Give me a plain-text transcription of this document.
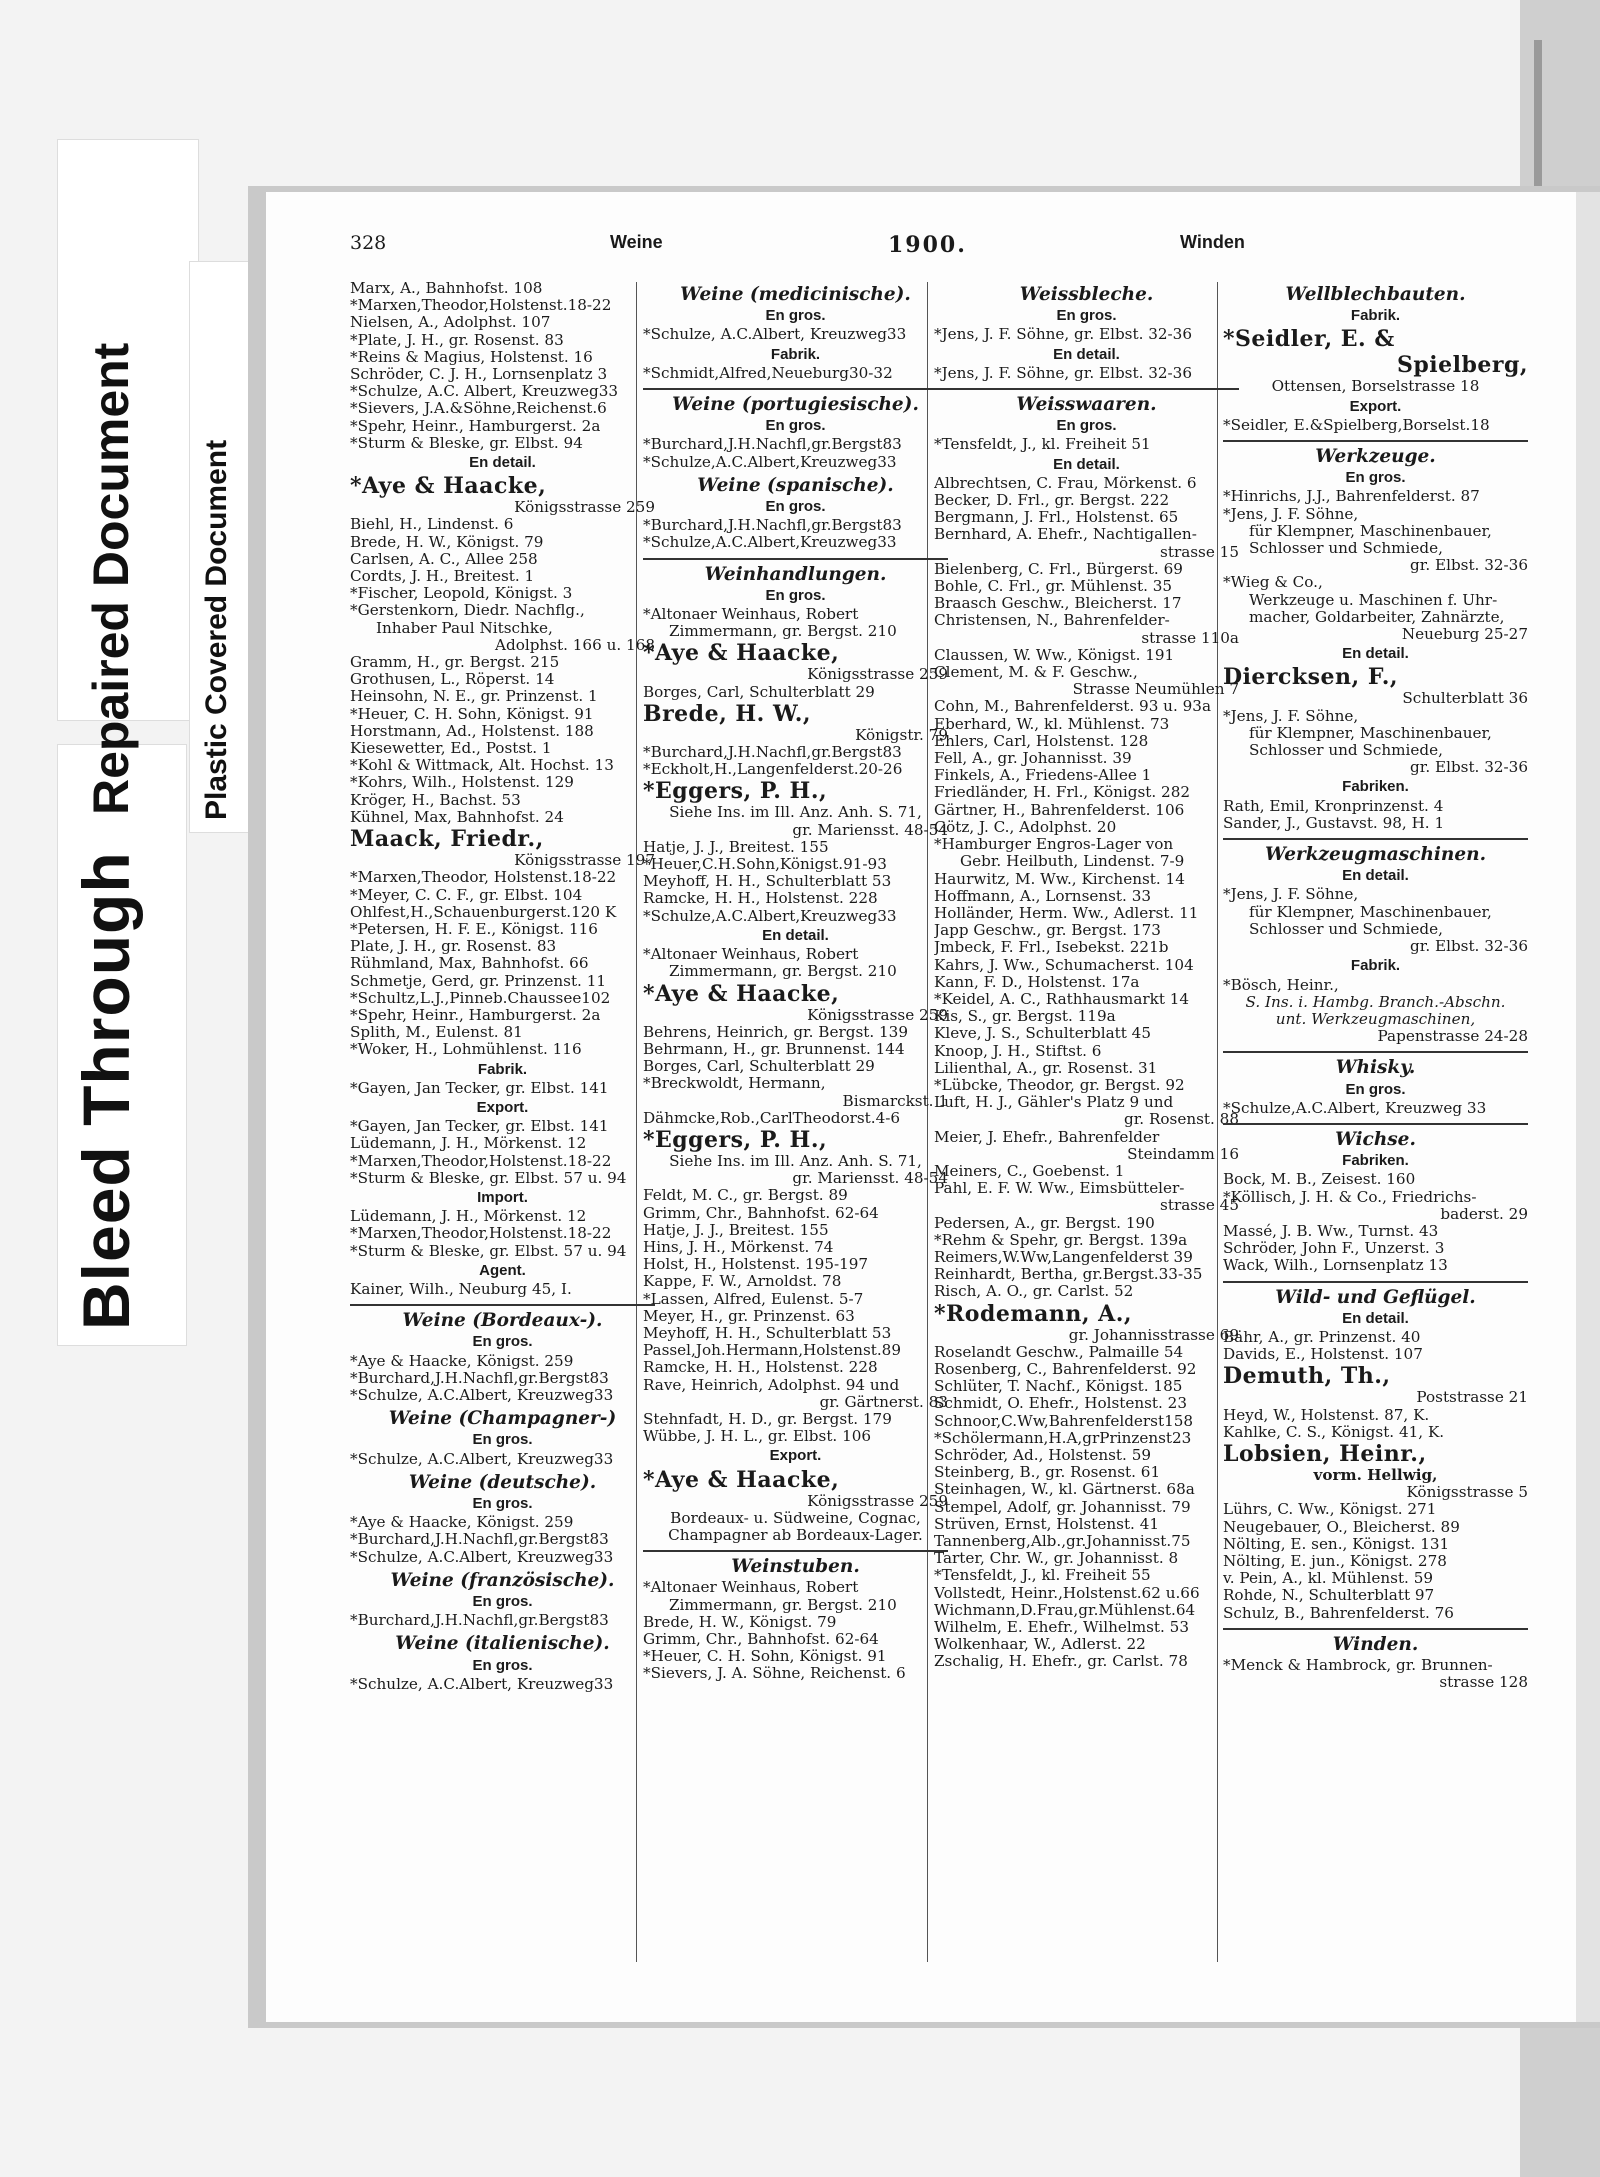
Repaired Document Plastic Covered Document
Bleed Through
328	Weine	1900.	Winden
Marx, A., Bahnhofst. 108
*Marxen,Theodor,Holstenst.18-22
Nielsen, A., Adolphst. 107
*Plate, J. H., gr. Rosenst. 83
*Reins & Magius, Holstenst. 16
Schröder, C. J. H., Lornsenplatz 3
*Schulze, A.C. Albert, Kreuzweg33
*Sievers, J.A.&Söhne,Reichenst.6
*Spehr, Heinr., Hamburgerst. 2a
*Sturm & Bleske, gr. Elbst. 94
En detail.
*Aye & Haacke,
Königsstrasse 259
Biehl, H., Lindenst. 6
Brede, H. W., Königst. 79
Carlsen, A. C., Allee 258
Cordts, J. H., Breitest. 1
*Fischer, Leopold, Königst. 3
*Gerstenkorn, Diedr. Nachflg.,
Inhaber Paul Nitschke,
Adolphst. 166 u. 168
Gramm, H., gr. Bergst. 215
Grothusen, L., Röperst. 14
Heinsohn, N. E., gr. Prinzenst. 1
*Heuer, C. H. Sohn, Königst. 91
Horstmann, Ad., Holstenst. 188
Kiesewetter, Ed., Postst. 1
*Kohl & Wittmack, Alt. Hochst. 13
*Kohrs, Wilh., Holstenst. 129
Kröger, H., Bachst. 53
Kühnel, Max, Bahnhofst. 24
Maack, Friedr.,
Königsstrasse 197
*Marxen,Theodor, Holstenst.18-22
*Meyer, C. C. F., gr. Elbst. 104
Ohlfest,H.,Schauenburgerst.120 K
*Petersen, H. F. E., Königst. 116
Plate, J. H., gr. Rosenst. 83
Rühmland, Max, Bahnhofst. 66
Schmetje, Gerd, gr. Prinzenst. 11
*Schultz,L.J.,Pinneb.Chaussee102
*Spehr, Heinr., Hamburgerst. 2a
Splith, M., Eulenst. 81
*Woker, H., Lohmühlenst. 116
Fabrik.
*Gayen, Jan Tecker, gr. Elbst. 141
Export.
*Gayen, Jan Tecker, gr. Elbst. 141
Lüdemann, J. H., Mörkenst. 12
*Marxen,Theodor,Holstenst.18-22
*Sturm & Bleske, gr. Elbst. 57 u. 94
Import.
Lüdemann, J. H., Mörkenst. 12
*Marxen,Theodor,Holstenst.18-22
*Sturm & Bleske, gr. Elbst. 57 u. 94
Agent.
Kainer, Wilh., Neuburg 45, I.
Weine (Bordeaux-).
En gros.
*Aye & Haacke, Königst. 259
*Burchard,J.H.Nachfl,gr.Bergst83
*Schulze, A.C.Albert, Kreuzweg33
Weine (Champagner-)
En gros.
*Schulze, A.C.Albert, Kreuzweg33
Weine (deutsche).
En gros.
*Aye & Haacke, Königst. 259
*Burchard,J.H.Nachfl,gr.Bergst83
*Schulze, A.C.Albert, Kreuzweg33
Weine (französische).
En gros.
*Burchard,J.H.Nachfl,gr.Bergst83
Weine (italienische).
En gros.
*Schulze, A.C.Albert, Kreuzweg33
Weine (medicinische).
En gros.
*Schulze, A.C.Albert, Kreuzweg33
Fabrik.
*Schmidt,Alfred,Neueburg30-32
Weine (portugiesische).
En gros.
*Burchard,J.H.Nachfl,gr.Bergst83
*Schulze,A.C.Albert,Kreuzweg33
Weine (spanische).
En gros.
*Burchard,J.H.Nachfl,gr.Bergst83
*Schulze,A.C.Albert,Kreuzweg33
Weinhandlungen.
En gros.
*Altonaer Weinhaus, Robert
Zimmermann, gr. Bergst. 210
*Aye & Haacke,
Königsstrasse 259
Borges, Carl, Schulterblatt 29
Brede, H. W.,
Königstr. 79
*Burchard,J.H.Nachfl,gr.Bergst83
*Eckholt,H.,Langenfelderst.20-26
*Eggers, P. H.,
Siehe Ins. im Ill. Anz. Anh. S. 71,
gr. Mariensst. 48-54
Hatje, J. J., Breitest. 155
*Heuer,C.H.Sohn,Königst.91-93
Meyhoff, H. H., Schulterblatt 53
Ramcke, H. H., Holstenst. 228
*Schulze,A.C.Albert,Kreuzweg33
En detail.
*Altonaer Weinhaus, Robert
Zimmermann, gr. Bergst. 210
*Aye & Haacke,
Königsstrasse 259
Behrens, Heinrich, gr. Bergst. 139
Behrmann, H., gr. Brunnenst. 144
Borges, Carl, Schulterblatt 29
*Breckwoldt, Hermann,
Bismarckst. 1
Dähmcke,Rob.,CarlTheodorst.4-6
*Eggers, P. H.,
Siehe Ins. im Ill. Anz. Anh. S. 71,
gr. Mariensst. 48-54
Feldt, M. C., gr. Bergst. 89
Grimm, Chr., Bahnhofst. 62-64
Hatje, J. J., Breitest. 155
Hins, J. H., Mörkenst. 74
Holst, H., Holstenst. 195-197
Kappe, F. W., Arnoldst. 78
*Lassen, Alfred, Eulenst. 5-7
Meyer, H., gr. Prinzenst. 63
Meyhoff, H. H., Schulterblatt 53
Passel,Joh.Hermann,Holstenst.89
Ramcke, H. H., Holstenst. 228
Rave, Heinrich, Adolphst. 94 und
gr. Gärtnerst. 83
Stehnfadt, H. D., gr. Bergst. 179
Wübbe, J. H. L., gr. Elbst. 106
Export.
*Aye & Haacke,
Königsstrasse 259
Bordeaux- u. Südweine, Cognac,
Champagner ab Bordeaux-Lager.
Weinstuben.
*Altonaer Weinhaus, Robert
Zimmermann, gr. Bergst. 210
Brede, H. W., Königst. 79
Grimm, Chr., Bahnhofst. 62-64
*Heuer, C. H. Sohn, Königst. 91
*Sievers, J. A. Söhne, Reichenst. 6
Weissbleche.
En gros.
*Jens, J. F. Söhne, gr. Elbst. 32-36
En detail.
*Jens, J. F. Söhne, gr. Elbst. 32-36
Weisswaaren.
En gros.
*Tensfeldt, J., kl. Freiheit 51
En detail.
Albrechtsen, C. Frau, Mörkenst. 6
Becker, D. Frl., gr. Bergst. 222
Bergmann, J. Frl., Holstenst. 65
Bernhard, A. Ehefr., Nachtigallen-
strasse 15
Bielenberg, C. Frl., Bürgerst. 69
Bohle, C. Frl., gr. Mühlenst. 35
Braasch Geschw., Bleicherst. 17
Christensen, N., Bahrenfelder-
strasse 110a
Claussen, W. Ww., Königst. 191
Clement, M. & F. Geschw.,
Strasse Neumühlen 7
Cohn, M., Bahrenfelderst. 93 u. 93a
Eberhard, W., kl. Mühlenst. 73
Ehlers, Carl, Holstenst. 128
Fell, A., gr. Johannisst. 39
Finkels, A., Friedens-Allee 1
Friedländer, H. Frl., Königst. 282
Gärtner, H., Bahrenfelderst. 106
Götz, J. C., Adolphst. 20
*Hamburger Engros-Lager von
Gebr. Heilbuth, Lindenst. 7-9
Haurwitz, M. Ww., Kirchenst. 14
Hoffmann, A., Lornsenst. 33
Holländer, Herm. Ww., Adlerst. 11
Japp Geschw., gr. Bergst. 173
Jmbeck, F. Frl., Isebekst. 221b
Kahrs, J. Ww., Schumacherst. 104
Kann, F. D., Holstenst. 17a
*Keidel, A. C., Rathhausmarkt 14
Kis, S., gr. Bergst. 119a
Kleve, J. S., Schulterblatt 45
Knoop, J. H., Stiftst. 6
Lilienthal, A., gr. Rosenst. 31
*Lübcke, Theodor, gr. Bergst. 92
Luft, H. J., Gähler's Platz 9 und
gr. Rosenst. 88
Meier, J. Ehefr., Bahrenfelder
Steindamm 16
Meiners, C., Goebenst. 1
Pahl, E. F. W. Ww., Eimsbütteler-
strasse 45
Pedersen, A., gr. Bergst. 190
*Rehm & Spehr, gr. Bergst. 139a
Reimers,W.Ww,Langenfelderst 39
Reinhardt, Bertha, gr.Bergst.33-35
Risch, A. O., gr. Carlst. 52
*Rodemann, A.,
gr. Johannisstrasse 69
Roselandt Geschw., Palmaille 54
Rosenberg, C., Bahrenfelderst. 92
Schlüter, T. Nachf., Königst. 185
Schmidt, O. Ehefr., Holstenst. 23
Schnoor,C.Ww,Bahrenfelderst158
*Schölermann,H.A,grPrinzenst23
Schröder, Ad., Holstenst. 59
Steinberg, B., gr. Rosenst. 61
Steinhagen, W., kl. Gärtnerst. 68a
Stempel, Adolf, gr. Johannisst. 79
Strüven, Ernst, Holstenst. 41
Tannenberg,Alb.,gr.Johannisst.75
Tarter, Chr. W., gr. Johannisst. 8
*Tensfeldt, J., kl. Freiheit 55
Vollstedt, Heinr.,Holstenst.62 u.66
Wichmann,D.Frau,gr.Mühlenst.64
Wilhelm, E. Ehefr., Wilhelmst. 53
Wolkenhaar, W., Adlerst. 22
Zschalig, H. Ehefr., gr. Carlst. 78
Wellblechbauten.
Fabrik.
*Seidler, E. &
Spielberg,
Ottensen, Borselstrasse 18
Export.
*Seidler, E.&Spielberg,Borselst.18
Werkzeuge.
En gros.
*Hinrichs, J.J., Bahrenfelderst. 87
*Jens, J. F. Söhne,
für Klempner, Maschinenbauer,
Schlosser und Schmiede,
gr. Elbst. 32-36
*Wieg & Co.,
Werkzeuge u. Maschinen f. Uhr-
macher, Goldarbeiter, Zahnärzte,
Neueburg 25-27
En detail.
Diercksen, F.,
Schulterblatt 36
*Jens, J. F. Söhne,
für Klempner, Maschinenbauer,
Schlosser und Schmiede,
gr. Elbst. 32-36
Fabriken.
Rath, Emil, Kronprinzenst. 4
Sander, J., Gustavst. 98, H. 1
Werkzeugmaschinen.
En detail.
*Jens, J. F. Söhne,
für Klempner, Maschinenbauer,
Schlosser und Schmiede,
gr. Elbst. 32-36
Fabrik.
*Bösch, Heinr.,
S. Ins. i. Hambg. Branch.-Abschn.
unt. Werkzeugmaschinen,
Papenstrasse 24-28
Whisky.
En gros.
*Schulze,A.C.Albert, Kreuzweg 33
Wichse.
Fabriken.
Bock, M. B., Zeisest. 160
*Köllisch, J. H. & Co., Friedrichs-
baderst. 29
Massé, J. B. Ww., Turnst. 43
Schröder, John F., Unzerst. 3
Wack, Wilh., Lornsenplatz 13
Wild- und Geflügel.
En detail.
Bähr, A., gr. Prinzenst. 40
Davids, E., Holstenst. 107
Demuth, Th.,
Poststrasse 21
Heyd, W., Holstenst. 87, K.
Kahlke, C. S., Königst. 41, K.
Lobsien, Heinr.,
vorm. Hellwig,
Königsstrasse 5
Lührs, C. Ww., Königst. 271
Neugebauer, O., Bleicherst. 89
Nölting, E. sen., Königst. 131
Nölting, E. jun., Königst. 278
v. Pein, A., kl. Mühlenst. 59
Rohde, N., Schulterblatt 97
Schulz, B., Bahrenfelderst. 76
Winden.
*Menck & Hambrock, gr. Brunnen-
strasse 128
